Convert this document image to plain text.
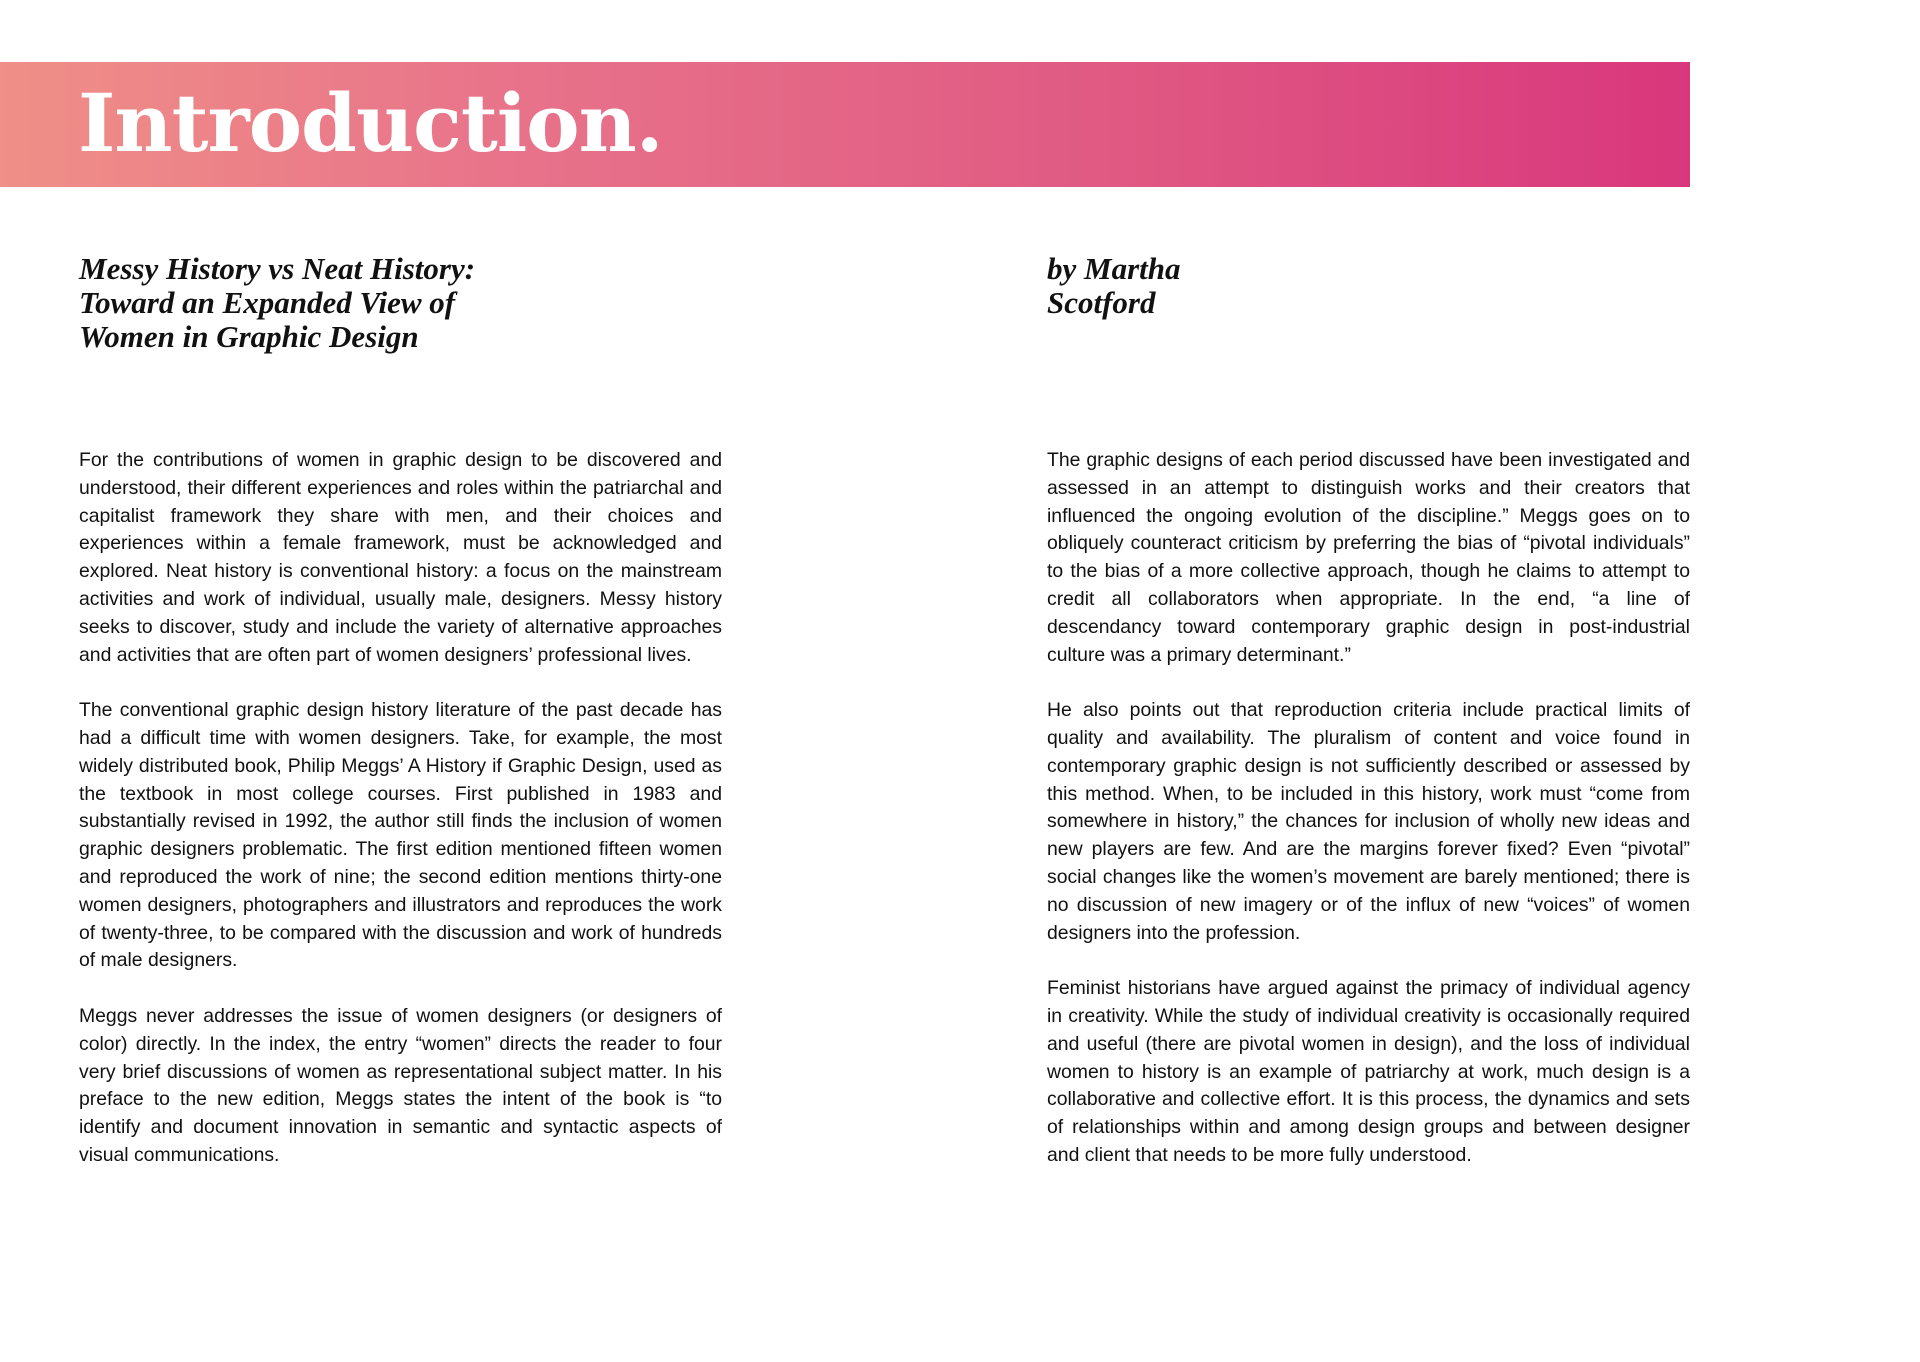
Introduction.
Messy History vs Neat History:
Toward an Expanded View of
Women in Graphic Design
by Martha
Scotford

For the contributions of women in graphic design to be discovered and understood, their different experiences and roles within the patriarchal and capitalist framework they share with men, and their choices and experiences within a female framework, must be acknowledged and explored. Neat history is conventional history: a focus on the mainstream activities and work of individual, usually male, designers. Messy history seeks to discover, study and include the variety of alternative approaches and activities that are often part of women designers’ professional lives.

The conventional graphic design history literature of the past decade has had a difficult time with women designers. Take, for example, the most widely distributed book, Philip Meggs’ A History if Graphic Design, used as the textbook in most college courses. First published in 1983 and substantially revised in 1992, the author still finds the inclusion of women graphic designers problematic. The first edition mentioned fifteen women and reproduced the work of nine; the second edition mentions thirty-one women designers, photographers and illustrators and reproduces the work of twenty-three, to be compared with the discussion and work of hundreds of male designers.

Meggs never addresses the issue of women designers (or designers of color) directly. In the index, the entry “women” directs the reader to four very brief discussions of women as representational subject matter. In his preface to the new edition, Meggs states the intent of the book is “to identify and document innovation in semantic and syntactic aspects of visual communications.

The graphic designs of each period discussed have been investigated and assessed in an attempt to distinguish works and their creators that influenced the ongoing evolution of the discipline.” Meggs goes on to obliquely counteract criticism by preferring the bias of “pivotal individuals” to the bias of a more collective approach, though he claims to attempt to credit all collaborators when appropriate. In the end, “a line of descendancy toward contemporary graphic design in post-industrial culture was a primary determinant.”

He also points out that reproduction criteria include practical limits of quality and availability. The pluralism of content and voice found in contemporary graphic design is not sufficiently described or assessed by this method. When, to be included in this history, work must “come from somewhere in history,” the chances for inclusion of wholly new ideas and new players are few. And are the margins forever fixed? Even “pivotal” social changes like the women’s movement are barely mentioned; there is no discussion of new imagery or of the influx of new “voices” of women designers into the profession.

Feminist historians have argued against the primacy of individual agency in creativity. While the study of individual creativity is occasionally required and useful (there are pivotal women in design), and the loss of individual women to history is an example of patriarchy at work, much design is a collaborative and collective effort. It is this process, the dynamics and sets of relationships within and among design groups and between designer and client that needs to be more fully understood.
